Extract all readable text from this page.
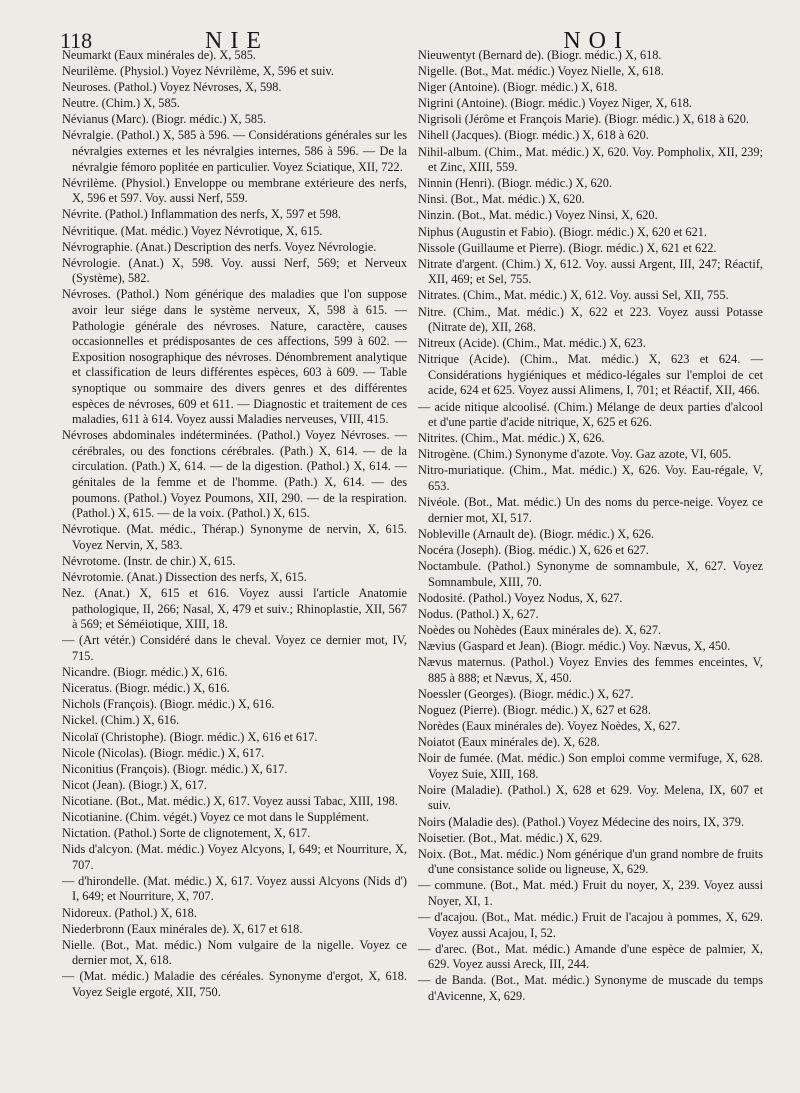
118	NIE	NOI
Neumarkt (Eaux minérales de). X, 585.
Neurilème. (Physiol.) Voyez Névrilème, X, 596 et suiv.
Neuroses. (Pathol.) Voyez Névroses, X, 598.
Neutre. (Chim.) X, 585.
Névianus (Marc). (Biogr. médic.) X, 585.
Névralgie. (Pathol.) X, 585 à 596. — Considérations générales sur les névralgies externes et les névralgies internes, 586 à 596. — De la névralgie fémoro poplitée en particulier. Voyez Sciatique, XII, 722.
Névrilème. (Physiol.) Enveloppe ou membrane extérieure des nerfs, X, 596 et 597. Voy. aussi Nerf, 559.
Névrite. (Pathol.) Inflammation des nerfs, X, 597 et 598.
Névritique. (Mat. médic.) Voyez Névrotique, X, 615.
Névrographie. (Anat.) Description des nerfs. Voyez Névrologie.
Névrologie. (Anat.) X, 598. Voy. aussi Nerf, 569; et Nerveux (Système), 582.
Névroses. (Pathol.) Nom générique des maladies que l'on suppose avoir leur siége dans le système nerveux, X, 598 à 615. — Pathologie générale des névroses. Nature, caractère, causes occasionnelles et prédisposantes de ces affections, 599 à 602. — Exposition nosographique des névroses. Dénombrement analytique et classification de leurs différentes espèces, 603 à 609. — Table synoptique ou sommaire des divers genres et des différentes espèces de névroses, 609 et 611. — Diagnostic et traitement de ces maladies, 611 à 614. Voyez aussi Maladies nerveuses, VIII, 415.
Névroses abdominales indéterminées. (Pathol.) Voyez Névroses. — cérébrales, ou des fonctions cérébrales. (Path.) X, 614. — de la circulation. (Path.) X, 614. — de la digestion. (Pathol.) X, 614. — génitales de la femme et de l'homme. (Path.) X, 614. — des poumons. (Pathol.) Voyez Poumons, XII, 290. — de la respiration. (Pathol.) X, 615. — de la voix. (Pathol.) X, 615.
Névrotique. (Mat. médic., Thérap.) Synonyme de nervin, X, 615. Voyez Nervin, X, 583.
Névrotome. (Instr. de chir.) X, 615.
Névrotomie. (Anat.) Dissection des nerfs, X, 615.
Nez. (Anat.) X, 615 et 616. Voyez aussi l'article Anatomie pathologique, II, 266; Nasal, X, 479 et suiv.; Rhinoplastie, XII, 567 à 569; et Séméiotique, XIII, 18.
— (Art vétér.) Considéré dans le cheval. Voyez ce dernier mot, IV, 715.
Nicandre. (Biogr. médic.) X, 616.
Niceratus. (Biogr. médic.) X, 616.
Nichols (François). (Biogr. médic.) X, 616.
Nickel. (Chim.) X, 616.
Nicolaï (Christophe). (Biogr. médic.) X, 616 et 617.
Nicole (Nicolas). (Biogr. médic.) X, 617.
Niconitius (François). (Biogr. médic.) X, 617.
Nicot (Jean). (Biogr.) X, 617.
Nicotiane. (Bot., Mat. médic.) X, 617. Voyez aussi Tabac, XIII, 198.
Nicotianine. (Chim. végét.) Voyez ce mot dans le Supplément.
Nictation. (Pathol.) Sorte de clignotement, X, 617.
Nids d'alcyon. (Mat. médic.) Voyez Alcyons, I, 649; et Nourriture, X, 707.
— d'hirondelle. (Mat. médic.) X, 617. Voyez aussi Alcyons (Nids d') I, 649; et Nourriture, X, 707.
Nidoreux. (Pathol.) X, 618.
Niederbronn (Eaux minérales de). X, 617 et 618.
Nielle. (Bot., Mat. médic.) Nom vulgaire de la nigelle. Voyez ce dernier mot, X, 618.
— (Mat. médic.) Maladie des céréales. Synonyme d'ergot, X, 618. Voyez Seigle ergoté, XII, 750.
Nieuwentyt (Bernard de). (Biogr. médic.) X, 618.
Nigelle. (Bot., Mat. médic.) Voyez Nielle, X, 618.
Niger (Antoine). (Biogr. médic.) X, 618.
Nigrini (Antoine). (Biogr. médic.) Voyez Niger, X, 618.
Nigrisoli (Jérôme et François Marie). (Biogr. médic.) X, 618 à 620.
Nihell (Jacques). (Biogr. médic.) X, 618 à 620.
Nihil-album. (Chim., Mat. médic.) X, 620. Voy. Pompholix, XII, 239; et Zinc, XIII, 559.
Ninnin (Henri). (Biogr. médic.) X, 620.
Ninsi. (Bot., Mat. médic.) X, 620.
Ninzin. (Bot., Mat. médic.) Voyez Ninsi, X, 620.
Niphus (Augustin et Fabio). (Biogr. médic.) X, 620 et 621.
Nissole (Guillaume et Pierre). (Biogr. médic.) X, 621 et 622.
Nitrate d'argent. (Chim.) X, 612. Voy. aussi Argent, III, 247; Réactif, XII, 469; et Sel, 755.
Nitrates. (Chim., Mat. médic.) X, 612. Voy. aussi Sel, XII, 755.
Nitre. (Chim., Mat. médic.) X, 622 et 223. Voyez aussi Potasse (Nitrate de), XII, 268.
Nitreux (Acide). (Chim., Mat. médic.) X, 623.
Nitrique (Acide). (Chim., Mat. médic.) X, 623 et 624. — Considérations hygiéniques et médico-légales sur l'emploi de cet acide, 624 et 625. Voyez aussi Alimens, I, 701; et Réactif, XII, 466.
— acide nitique alcoolisé. (Chim.) Mélange de deux parties d'alcool et d'une partie d'acide nitrique, X, 625 et 626.
Nitrites. (Chim., Mat. médic.) X, 626.
Nitrogène. (Chim.) Synonyme d'azote. Voy. Gaz azote, VI, 605.
Nitro-muriatique. (Chim., Mat. médic.) X, 626. Voy. Eau-régale, V, 653.
Nivéole. (Bot., Mat. médic.) Un des noms du perce-neige. Voyez ce dernier mot, XI, 517.
Nobleville (Arnault de). (Biogr. médic.) X, 626.
Nocéra (Joseph). (Biog. médic.) X, 626 et 627.
Noctambule. (Pathol.) Synonyme de somnambule, X, 627. Voyez Somnambule, XIII, 70.
Nodosité. (Pathol.) Voyez Nodus, X, 627.
Nodus. (Pathol.) X, 627.
Noèdes ou Nohèdes (Eaux minérales de). X, 627.
Nævius (Gaspard et Jean). (Biogr. médic.) Voy. Nævus, X, 450.
Nævus maternus. (Pathol.) Voyez Envies des femmes enceintes, V, 885 à 888; et Nævus, X, 450.
Noessler (Georges). (Biogr. médic.) X, 627.
Noguez (Pierre). (Biogr. médic.) X, 627 et 628.
Norèdes (Eaux minérales de). Voyez Noèdes, X, 627.
Noiatot (Eaux minérales de). X, 628.
Noir de fumée. (Mat. médic.) Son emploi comme vermifuge, X, 628. Voyez Suie, XIII, 168.
Noire (Maladie). (Pathol.) X, 628 et 629. Voy. Melena, IX, 607 et suiv.
Noirs (Maladie des). (Pathol.) Voyez Médecine des noirs, IX, 379.
Noisetier. (Bot., Mat. médic.) X, 629.
Noix. (Bot., Mat. médic.) Nom générique d'un grand nombre de fruits d'une consistance solide ou ligneuse, X, 629.
— commune. (Bot., Mat. méd.) Fruit du noyer, X, 239. Voyez aussi Noyer, XI, 1.
— d'acajou. (Bot., Mat. médic.) Fruit de l'acajou à pommes, X, 629. Voyez aussi Acajou, I, 52.
— d'arec. (Bot., Mat. médic.) Amande d'une espèce de palmier, X, 629. Voyez aussi Areck, III, 244.
— de Banda. (Bot., Mat. médic.) Synonyme de muscade du temps d'Avicenne, X, 629.
